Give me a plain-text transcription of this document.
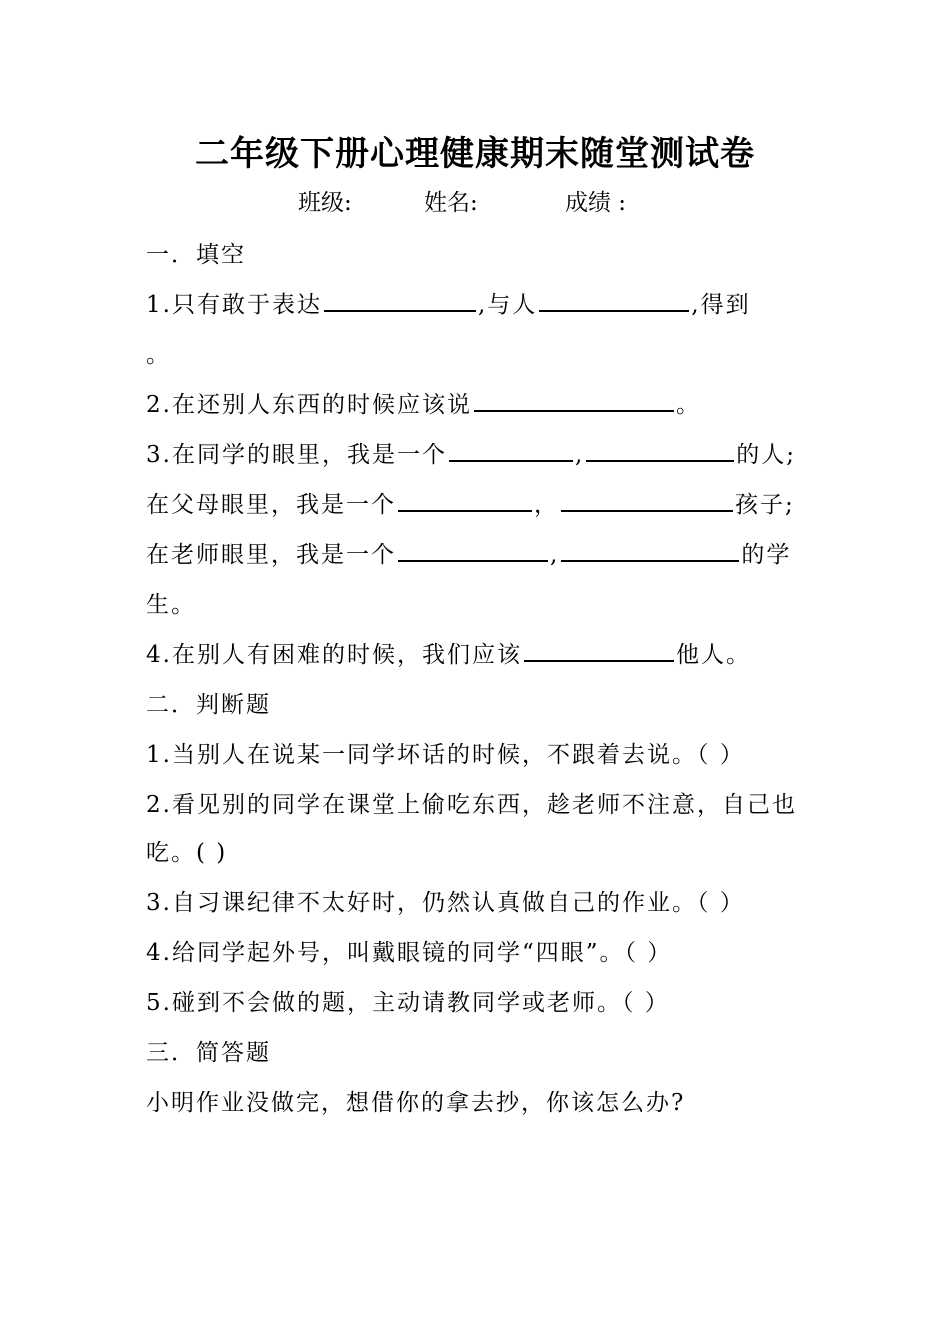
二年级下册心理健康期末随堂测试卷
班级:	姓名:	成绩 :
一．填空
1.只有敢于表达	,与人	,得到
。
2.在还别人东西的时候应该说	。
3.在同学的眼里，我是一个	,	的人;
在父母眼里，我是一个	，	孩子;
在老师眼里，我是一个	,	的学
生。
4.在别人有困难的时候，我们应该	他人。
二．判断题
1.当别人在说某一同学坏话的时候，不跟着去说。（ ）
2.看见别的同学在课堂上偷吃东西，趁老师不注意，自己也
吃。( )
3.自习课纪律不太好时，仍然认真做自己的作业。（ ）
4.给同学起外号，叫戴眼镜的同学“四眼”。（ ）
5.碰到不会做的题，主动请教同学或老师。（ ）
三．简答题
小明作业没做完，想借你的拿去抄，你该怎么办?
